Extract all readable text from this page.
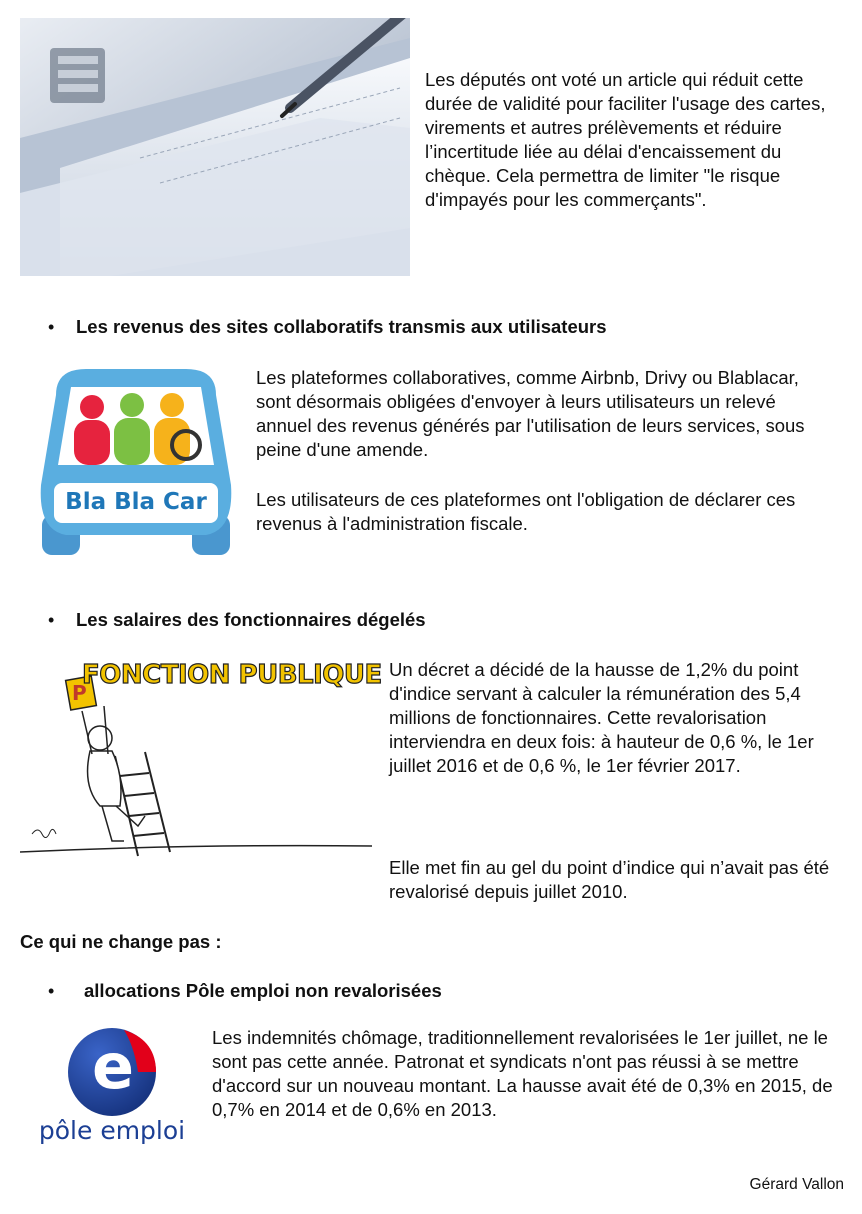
Les députés ont voté un article qui réduit cette durée de validité pour faciliter l'usage des cartes, virements et autres prélèvements et réduire l’incertitude liée au délai d'encaissement du chèque. Cela permettra de limiter "le risque d'impayés pour les commerçants".

• Les revenus des sites collaboratifs transmis aux utilisateurs
Bla Bla Car

Les plateformes collaboratives, comme Airbnb, Drivy ou Blablacar, sont désormais obligées d'envoyer à leurs utilisateurs un relevé annuel des revenus générés par l'utilisation de leurs services, sous peine d'une amende.

Les utilisateurs de ces plateformes ont l'obligation de déclarer ces revenus à l'administration fiscale.

• Les salaires des fonctionnaires dégelés
P
FONCTION PUBLIQUE Un décret a décidé de la hausse de 1,2% du point d'indice servant à calculer la rémunération des 5,4 millions de fonctionnaires. Cette revalorisation interviendra en deux fois: à hauteur de 0,6 %, le 1er juillet 2016 et de 0,6 %, le 1er février 2017.

Elle met fin au gel du point d’indice qui n’avait pas été revalorisé depuis juillet 2010.

Ce qui ne change pas :
• allocations Pôle emploi non revalorisées
e
pôle emploi

Les indemnités chômage, traditionnellement revalorisées le 1er juillet, ne le sont pas cette année. Patronat et syndicats n'ont pas réussi à se mettre d'accord sur un nouveau montant. La hausse avait été de 0,3% en 2015, de 0,7% en 2014 et de 0,6% en 2013.

Gérard Vallon
